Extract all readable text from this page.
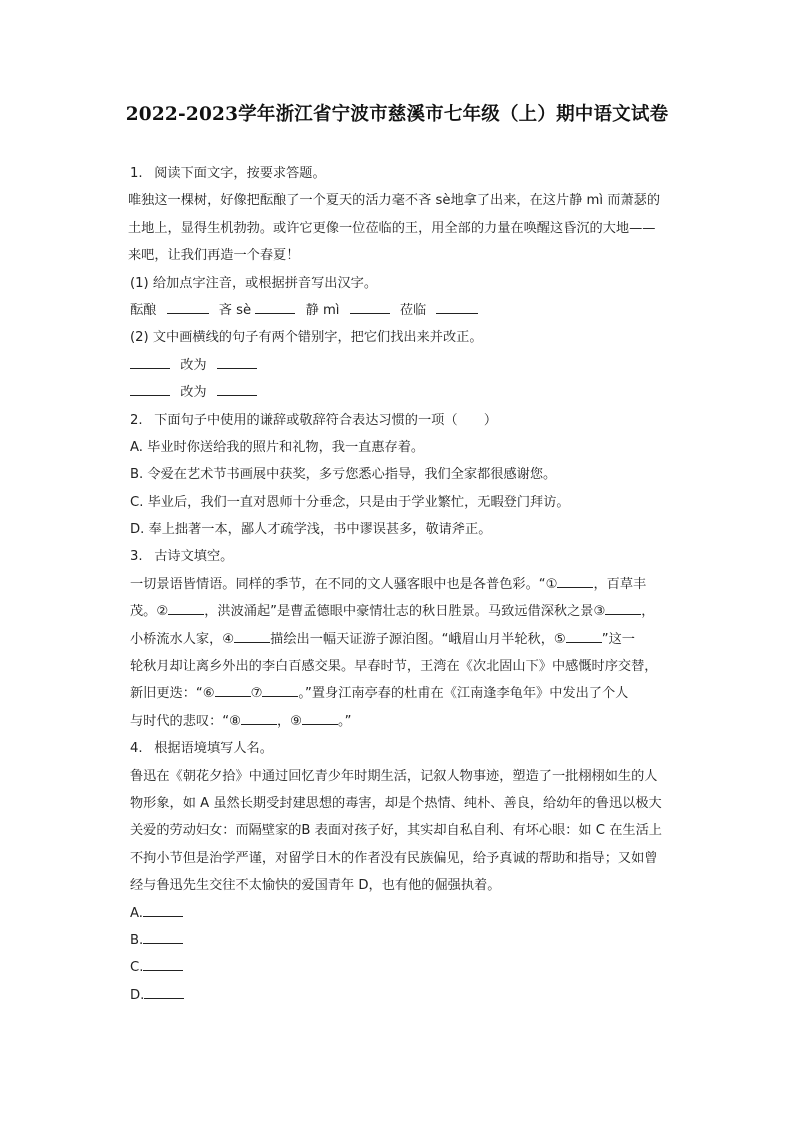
2022-2023学年浙江省宁波市慈溪市七年级（上）期中语文试卷
1. 阅读下面文字，按要求答题。
唯独这一棵树，好像把酝酿了一个夏天的活力毫不吝 sè地拿了出来，在这片静 mì 而萧瑟的
土地上，显得生机勃勃。或许它更像一位莅临的王，用全部的力量在唤醒这昏沉的大地——
来吧，让我们再造一个春夏！
(1) 给加点字注音，或根据拼音写出汉字。
酝酿	吝 sè	静 mì	莅临
(2) 文中画横线的句子有两个错别字，把它们找出来并改正。
改为
改为
2. 下面句子中使用的谦辞或敬辞符合表达习惯的一项（　　）
A. 毕业时你送给我的照片和礼物，我一直惠存着。
B. 令爱在艺术节书画展中获奖，多亏您悉心指导，我们全家都很感谢您。
C. 毕业后，我们一直对恩师十分垂念，只是由于学业繁忙，无暇登门拜访。
D. 奉上拙著一本，鄙人才疏学浅，书中谬误甚多，敬请斧正。
3. 古诗文填空。
一切景语皆情语。同样的季节，在不同的文人骚客眼中也是各普色彩。“①	，百草丰
茂。②	，洪波涌起”是曹孟德眼中豪情壮志的秋日胜景。马致远借深秋之景③	，
小桥流水人家，④	描绘出一幅天证游子源泊图。“峨眉山月半轮秋，⑤	”这一
轮秋月却让离乡外出的李白百感交果。早春时节，王湾在《次北固山下》中感慨时序交替，
新旧更迭：“⑥	⑦	。”置身江南亭春的杜甫在《江南逢李龟年》中发出了个人
与时代的悲叹：“⑧	，⑨	。”
4. 根据语境填写人名。
鲁迅在《朝花夕拾》中通过回忆青少年时期生活，记叙人物事迹，塑造了一批栩栩如生的人
物形象，如 A 虽然长期受封建思想的毒害，却是个热情、纯朴、善良，给幼年的鲁迅以极大
关爱的劳动妇女：而隔壁家的B 表面对孩子好，其实却自私自利、有坏心眼：如 C 在生活上
不拘小节但是治学严谨，对留学日木的作者没有民族偏见，给予真诚的帮助和指导；又如曾
经与鲁迅先生交往不太愉快的爱国青年 D，也有他的倔强执着。
A.
B.
C.
D.
